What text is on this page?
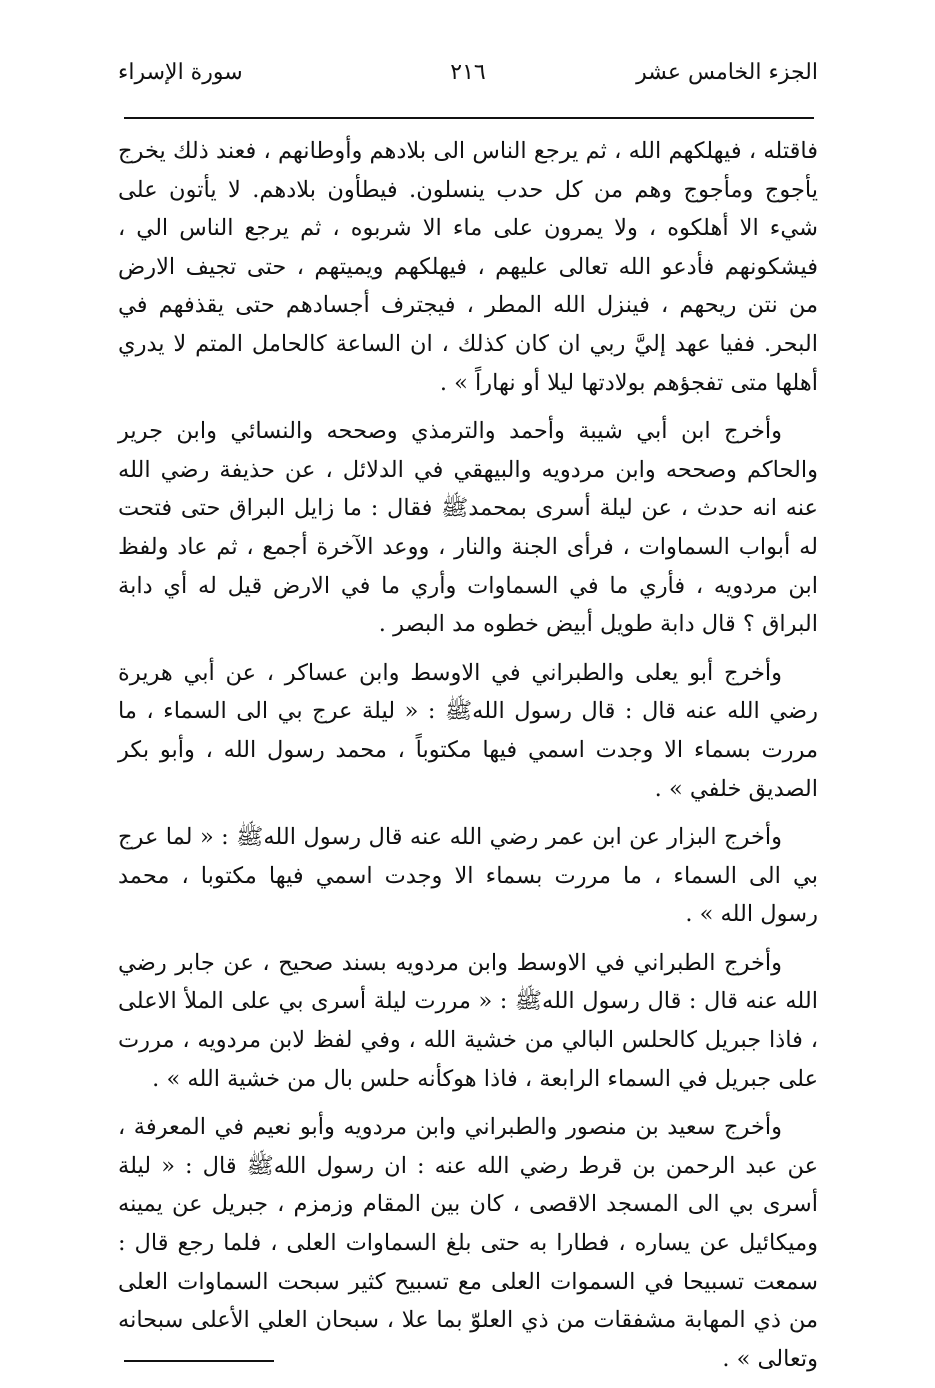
الجزء الخامس عشر
٢١٦
سورة الإسراء

فاقتله ، فيهلكهم الله ، ثم يرجع الناس الى بلادهم وأوطانهم ، فعند ذلك يخرج يأجوج ومأجوج وهم من كل حدب ينسلون. فيطأون بلادهم. لا يأتون على شيء الا أهلكوه ، ولا يمرون على ماء الا شربوه ، ثم يرجع الناس الي ، فيشكونهم فأدعو الله تعالى عليهم ، فيهلكهم ويميتهم ، حتى تجيف الارض من نتن ريحهم ، فينزل الله المطر ، فيجترف أجسادهم حتى يقذفهم في البحر. ففيا عهد إليَّ ربي ان كان كذلك ، ان الساعة كالحامل المتم لا يدري أهلها متى تفجؤهم بولادتها ليلا أو نهاراً » .

وأخرج ابن أبي شيبة وأحمد والترمذي وصححه والنسائي وابن جرير والحاكم وصححه وابن مردويه والبيهقي في الدلائل ، عن حذيفة رضي الله عنه انه حدث ، عن ليلة أسرى بمحمدﷺ فقال : ما زايل البراق حتى فتحت له أبواب السماوات ، فرأى الجنة والنار ، ووعد الآخرة أجمع ، ثم عاد ولفظ ابن مردويه ، فأري ما في السماوات وأري ما في الارض قيل له أي دابة البراق ؟ قال دابة طويل أبيض خطوه مد البصر .

وأخرج أبو يعلى والطبراني في الاوسط وابن عساكر ، عن أبي هريرة رضي الله عنه قال : قال رسول اللهﷺ : « ليلة عرج بي الى السماء ، ما مررت بسماء الا وجدت اسمي فيها مكتوباً ، محمد رسول الله ، وأبو بكر الصديق خلفي » .

وأخرج البزار عن ابن عمر رضي الله عنه قال رسول اللهﷺ : « لما عرج بي الى السماء ، ما مررت بسماء الا وجدت اسمي فيها مكتوبا ، محمد رسول الله » .

وأخرج الطبراني في الاوسط وابن مردويه بسند صحيح ، عن جابر رضي الله عنه قال : قال رسول اللهﷺ : « مررت ليلة أسرى بي على الملأ الاعلى ، فاذا جبريل كالحلس البالي من خشية الله ، وفي لفظ لابن مردويه ، مررت على جبريل في السماء الرابعة ، فاذا هوكأنه حلس بال من خشية الله » .

وأخرج سعيد بن منصور والطبراني وابن مردويه وأبو نعيم في المعرفة ، عن عبد الرحمن بن قرط رضي الله عنه : ان رسول اللهﷺ قال : « ليلة أسرى بي الى المسجد الاقصى ، كان بين المقام وزمزم ، جبريل عن يمينه وميكائيل عن يساره ، فطارا به حتى بلغ السماوات العلى ، فلما رجع قال : سمعت تسبيحا في السموات العلى مع تسبيح كثير سبحت السماوات العلى من ذي المهابة مشفقات من ذي العلوّ بما علا ، سبحان العلي الأعلى سبحانه وتعالى » .
